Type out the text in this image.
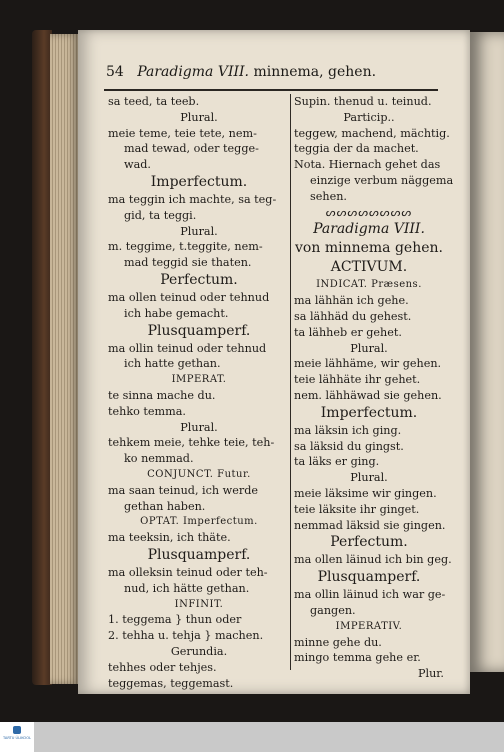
54 Paradigma VIII. minnema, gehen.
sa teed, ta teeb.
Plural.
meie teme, teie tete, nem-
mad tewad, oder tegge-
wad.
Imperfectum.
ma teggin ich machte, sa teg-
gid, ta teggi.
Plural.
m. teggime, t.teggite, nem-
mad teggid sie thaten.
Perfectum.
ma ollen teinud oder tehnud
ich habe gemacht.
Plusquamperf.
ma ollin teinud oder tehnud
ich hatte gethan.
IMPERAT.
te sinna mache du.
tehko temma.
Plural.
tehkem meie, tehke teie, teh-
ko nemmad.
CONJUNCT. Futur.
ma saan teinud, ich werde
gethan haben.
OPTAT. Imperfectum.
ma teeksin, ich thäte.
Plusquamperf.
ma olleksin teinud oder teh-
nud, ich hätte gethan.
INFINIT.
1. teggema } thun oder
2. tehha u. tehja } machen.
Gerundia.
tehhes oder tehjes.
teggemas, teggemast.
Supin. thenud u. teinud.
Particip..
teggew, machend, mächtig.
teggia der da machet.
Nota. Hiernach gehet das
einzige verbum näggema
sehen.
ᔕᔕᔕᔕᔕᔕᔕᔕ
Paradigma VIII.
von minnema gehen.
ACTIVUM.
INDICAT. Præsens.
ma lähhän ich gehe.
sa lähhäd du gehest.
ta lähheb er gehet.
Plural.
meie lähhäme, wir gehen.
teie lähhäte ihr gehet.
nem. lähhäwad sie gehen.
Imperfectum.
ma läksin ich ging.
sa läksid du gingst.
ta läks er ging.
Plural.
meie läksime wir gingen.
teie läksite ihr ginget.
nemmad läksid sie gingen.
Perfectum.
ma ollen läinud ich bin geg.
Plusquamperf.
ma ollin läinud ich war ge-
gangen.
IMPERATIV.
minne gehe du.
mingo temma gehe er.
Plur.
TARTU ÜLIKOOL
